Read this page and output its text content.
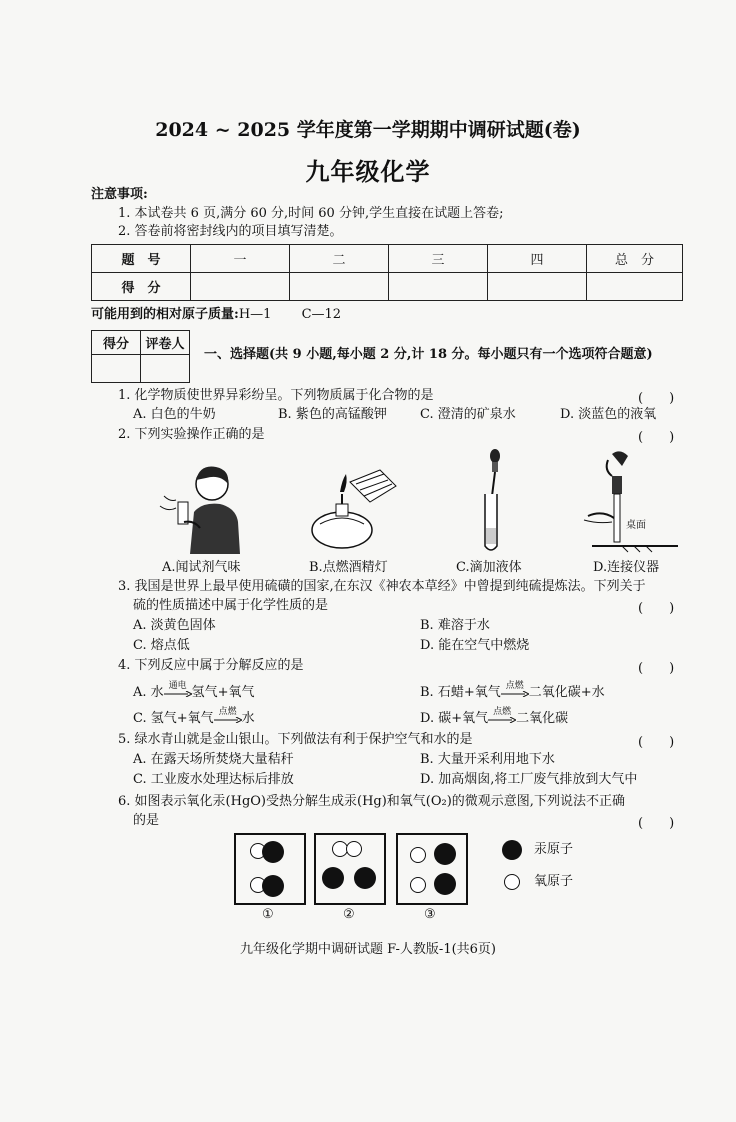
2024 ~ 2025 学年度第一学期期中调研试题(卷)
九年级化学
注意事项:
1. 本试卷共 6 页,满分 60 分,时间 60 分钟,学生直接在试题上答卷;
2. 答卷前将密封线内的项目填写清楚。
题　号	一	二	三	四	总　分
得　分					
可能用到的相对原子质量:H—1 C—12
得分	评卷人

一、选择题(共 9 小题,每小题 2 分,计 18 分。每小题只有一个选项符合题意)
1. 化学物质使世界异彩纷呈。下列物质属于化合物的是	(　　)
A. 白色的牛奶	B. 紫色的高锰酸钾	C. 澄清的矿泉水	D. 淡蓝色的液氧
2. 下列实验操作正确的是	(　　)
桌面
A.闻试剂气味	B.点燃酒精灯	C.滴加液体	D.连接仪器
3. 我国是世界上最早使用硫磺的国家,在东汉《神农本草经》中曾提到纯硫提炼法。下列关于
硫的性质描述中属于化学性质的是	(　　)
A. 淡黄色固体	B. 难溶于水
C. 熔点低	D. 能在空气中燃烧
4. 下列反应中属于分解反应的是	(　　)
A. 水 通电 氢气+氧气	B. 石蜡+氧气 点燃 二氧化碳+水
C. 氢气+氧气 点燃 水	D. 碳+氧气 点燃 二氧化碳
5. 绿水青山就是金山银山。下列做法有利于保护空气和水的是	(　　)
A. 在露天场所焚烧大量秸秆	B. 大量开采利用地下水
C. 工业废水处理达标后排放	D. 加高烟囱,将工厂废气排放到大气中
6. 如图表示氧化汞(HgO)受热分解生成汞(Hg)和氧气(O₂)的微观示意图,下列说法不正确
的是	(　　)
①	②	③
汞原子
氧原子
九年级化学期中调研试题 F-人教版-1(共6页)
